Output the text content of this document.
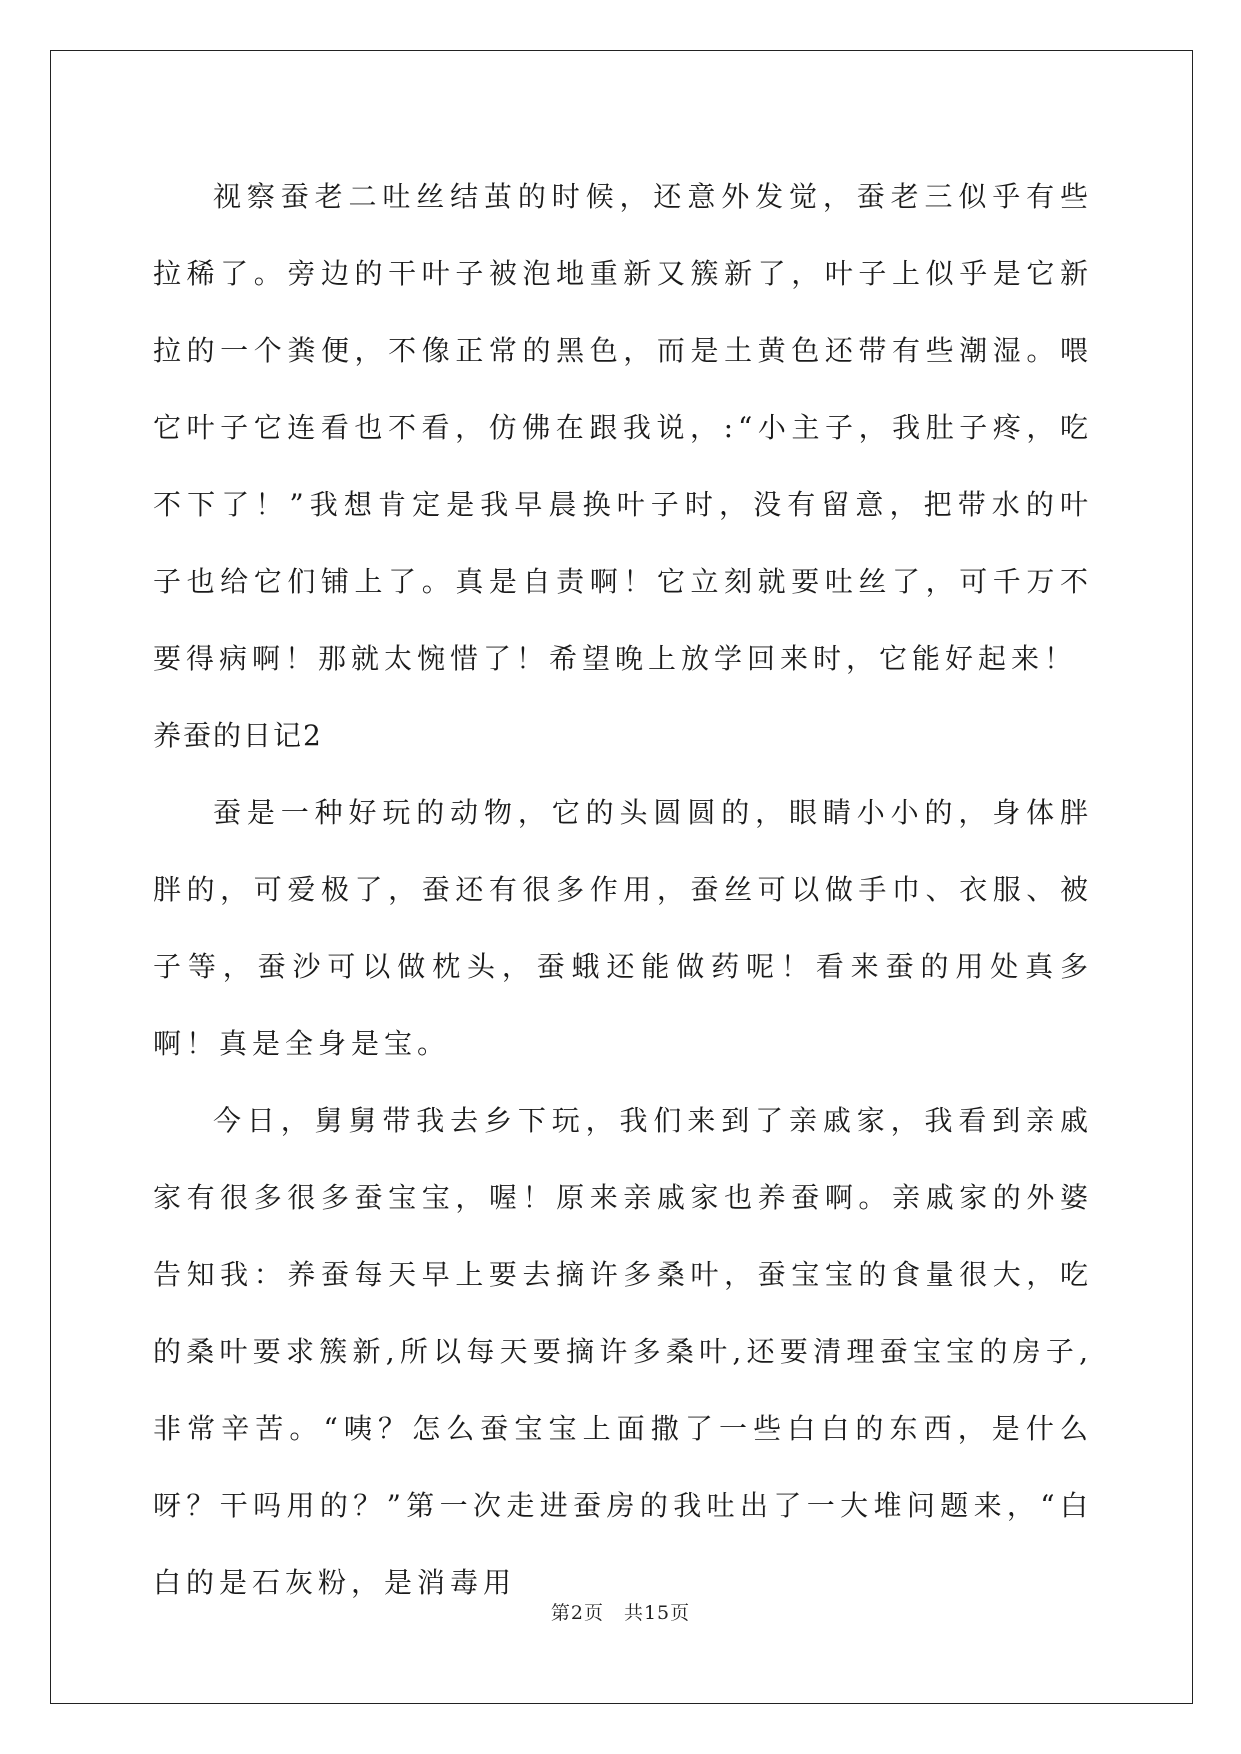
视察蚕老二吐丝结茧的时候，还意外发觉，蚕老三似乎有些拉稀了。旁边的干叶子被泡地重新又簇新了，叶子上似乎是它新拉的一个粪便，不像正常的黑色，而是土黄色还带有些潮湿。喂它叶子它连看也不看，仿佛在跟我说，:“小主子，我肚子疼，吃不下了！”我想肯定是我早晨换叶子时，没有留意，把带水的叶子也给它们铺上了。真是自责啊！它立刻就要吐丝了，可千万不要得病啊！那就太惋惜了！希望晚上放学回来时，它能好起来！

养蚕的日记2

蚕是一种好玩的动物，它的头圆圆的，眼睛小小的，身体胖胖的，可爱极了，蚕还有很多作用，蚕丝可以做手巾、衣服、被子等，蚕沙可以做枕头，蚕蛾还能做药呢！看来蚕的用处真多啊！真是全身是宝。

今日，舅舅带我去乡下玩，我们来到了亲戚家，我看到亲戚家有很多很多蚕宝宝，喔！原来亲戚家也养蚕啊。亲戚家的外婆告知我：养蚕每天早上要去摘许多桑叶，蚕宝宝的食量很大，吃的桑叶要求簇新,所以每天要摘许多桑叶,还要清理蚕宝宝的房子,非常辛苦。“咦？怎么蚕宝宝上面撒了一些白白的东西，是什么呀？干吗用的？”第一次走进蚕房的我吐出了一大堆问题来，“白白的是石灰粉，是消毒用

第2页　共15页
